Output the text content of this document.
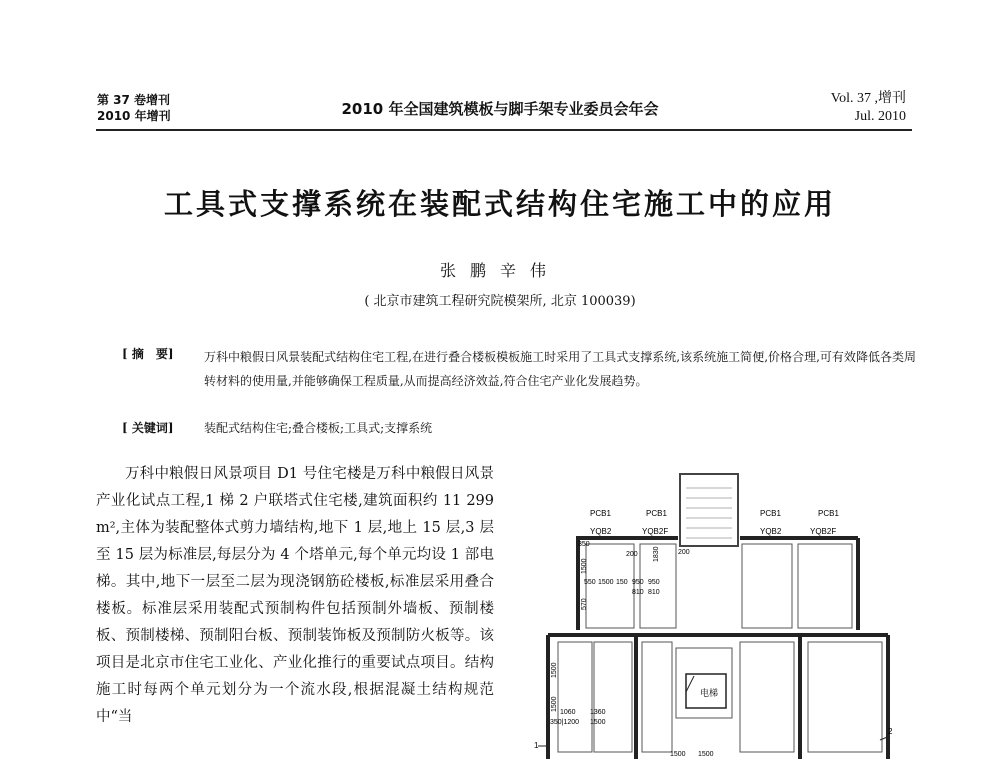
第 37 卷增刊
2010 年增刊	2010 年全国建筑模板与脚手架专业委员会年会
Vol. 37 ,增刊
Jul. 2010
工具式支撑系统在装配式结构住宅施工中的应用
张鹏辛伟
( 北京市建筑工程研究院模架所, 北京 100039)
[ 摘　要]	万科中粮假日风景装配式结构住宅工程,在进行叠合楼板模板施工时采用了工具式支撑系统,该系统施工简便,价格合理,可有效降低各类周转材料的使用量,并能够确保工程质量,从而提高经济效益,符合住宅产业化发展趋势。
[ 关键词]	装配式结构住宅;叠合楼板;工具式;支撑系统
万科中粮假日风景项目 D1 号住宅楼是万科中粮假日风景产业化试点工程,1 梯 2 户联塔式住宅楼,建筑面积约 11 299 m²,主体为装配整体式剪力墙结构,地下 1 层,地上 15 层,3 层至 15 层为标准层,每层分为 4 个塔单元,每个单元均设 1 部电梯。其中,地下一层至二层为现浇钢筋砼楼板,标准层采用叠合楼板。标准层采用装配式预制构件包括预制外墙板、预制楼板、预制楼梯、预制阳台板、预制装饰板及预制防火板等。该项目是北京市住宅工业化、产业化推行的重要试点项目。结构施工时每两个单元划分为一个流水段,根据混凝土结构规范中“当
PCB1	PCB1	PCB1	PCB1
YQB2	YQB2F	YQB2	YQB2F
电梯
350
200	200
550 1500 150 950 950
810 810
1830
570
1500
1500
1500
1060 1360
350|1200 1500
1500 1500
1
2
